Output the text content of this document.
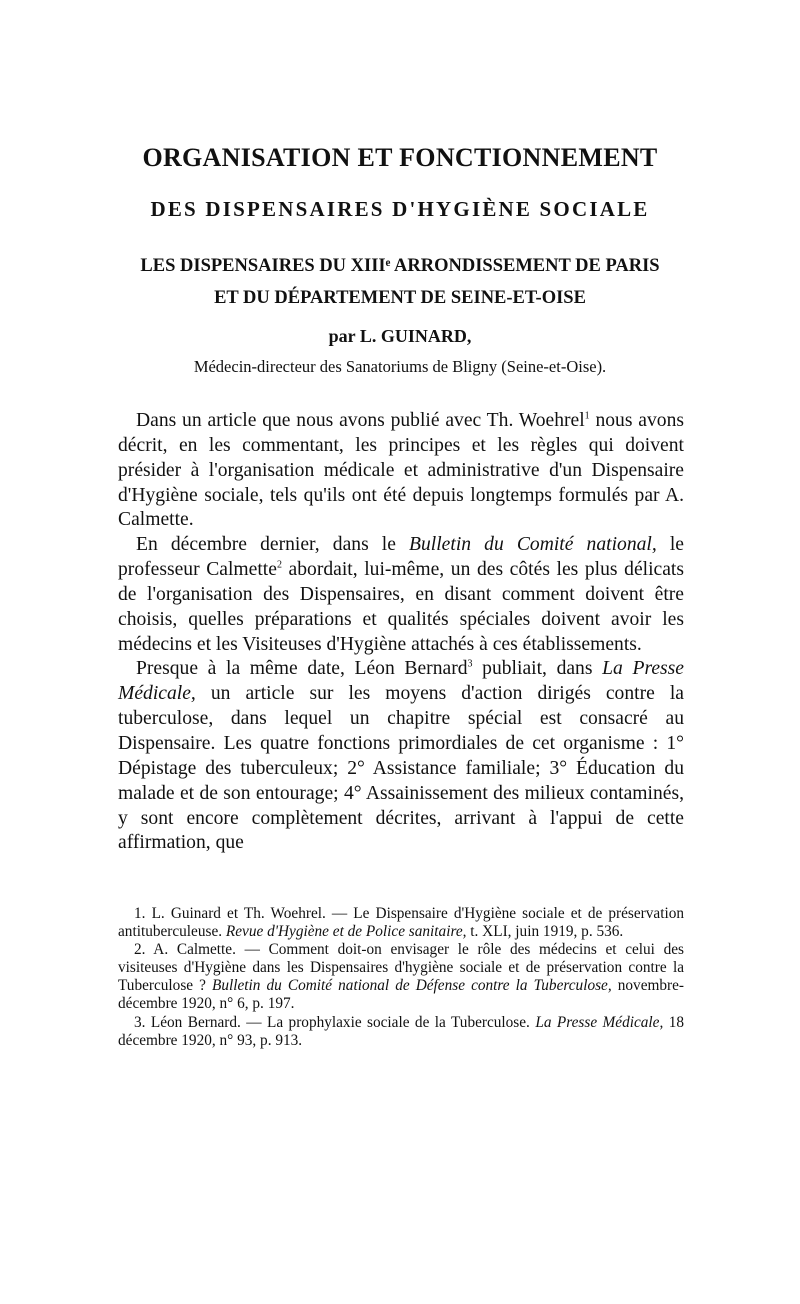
ORGANISATION ET FONCTIONNEMENT
DES DISPENSAIRES D'HYGIÈNE SOCIALE
LES DISPENSAIRES DU XIIIᵉ ARRONDISSEMENT DE PARIS
ET DU DÉPARTEMENT DE SEINE-ET-OISE
par L. GUINARD,
Médecin-directeur des Sanatoriums de Bligny (Seine-et-Oise).

Dans un article que nous avons publié avec Th. Woehrel$^1$ nous avons décrit, en les commentant, les principes et les règles qui doivent présider à l'organisation médicale et administrative d'un Dispensaire d'Hygiène sociale, tels qu'ils ont été depuis longtemps formulés par A. Calmette.

En décembre dernier, dans le Bulletin du Comité national, le professeur Calmette$^2$ abordait, lui-même, un des côtés les plus délicats de l'organisation des Dispensaires, en disant comment doivent être choisis, quelles préparations et qualités spéciales doivent avoir les médecins et les Visiteuses d'Hygiène attachés à ces établissements.

Presque à la même date, Léon Bernard$^3$ publiait, dans La Presse Médicale, un article sur les moyens d'action dirigés contre la tuberculose, dans lequel un chapitre spécial est consacré au Dispensaire. Les quatre fonctions primordiales de cet organisme : 1° Dépistage des tuberculeux; 2° Assistance familiale; 3° Éducation du malade et de son entourage; 4° Assainissement des milieux contaminés, y sont encore complètement décrites, arrivant à l'appui de cette affirmation, que

1. L. Guinard et Th. Woehrel. — Le Dispensaire d'Hygiène sociale et de préservation antituberculeuse. Revue d'Hygiène et de Police sanitaire, t. XLI, juin 1919, p. 536.

2. A. Calmette. — Comment doit-on envisager le rôle des médecins et celui des visiteuses d'Hygiène dans les Dispensaires d'hygiène sociale et de préservation contre la Tuberculose ? Bulletin du Comité national de Défense contre la Tuberculose, novembre-décembre 1920, n° 6, p. 197.

3. Léon Bernard. — La prophylaxie sociale de la Tuberculose. La Presse Médicale, 18 décembre 1920, n° 93, p. 913.
